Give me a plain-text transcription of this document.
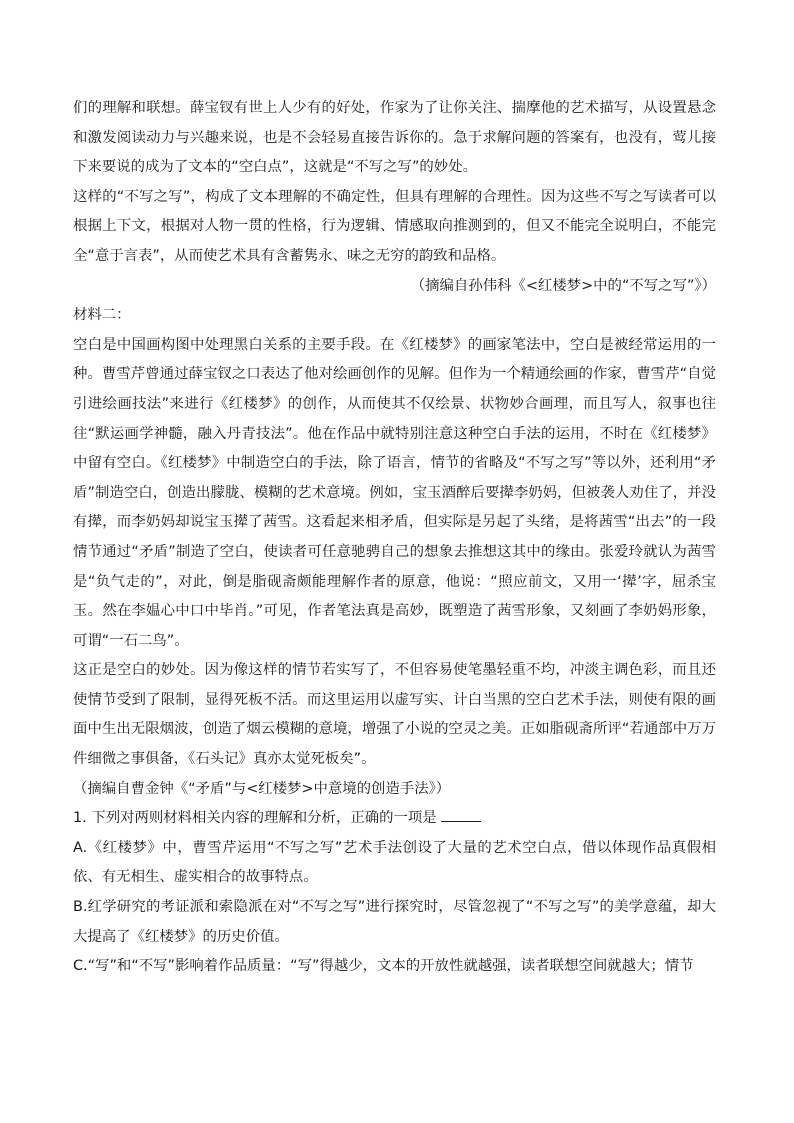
们的理解和联想。薛宝钗有世上人少有的好处，作家为了让你关注、揣摩他的艺术描写，从设置悬念和激发阅读动力与兴趣来说，也是不会轻易直接告诉你的。急于求解问题的答案有，也没有，莺儿接下来要说的成为了文本的“空白点”，这就是“不写之写”的妙处。

这样的“不写之写”，构成了文本理解的不确定性，但具有理解的合理性。因为这些不写之写读者可以根据上下文，根据对人物一贯的性格，行为逻辑、情感取向推测到的，但又不能完全说明白，不能完全“意于言表”，从而使艺术具有含蓄隽永、味之无穷的韵致和品格。

（摘编自孙伟科《<红楼梦>中的“不写之写”》）

材料二：

空白是中国画构图中处理黑白关系的主要手段。在《红楼梦》的画家笔法中，空白是被经常运用的一种。曹雪芹曾通过薛宝钗之口表达了他对绘画创作的见解。但作为一个精通绘画的作家，曹雪芹“自觉引进绘画技法”来进行《红楼梦》的创作，从而使其不仅绘景、状物妙合画理，而且写人，叙事也往往“默运画学神髓，融入丹青技法”。他在作品中就特别注意这种空白手法的运用，不时在《红楼梦》中留有空白。《红楼梦》中制造空白的手法，除了语言，情节的省略及“不写之写”等以外，还利用“矛盾”制造空白，创造出朦胧、模糊的艺术意境。例如，宝玉酒醉后要撵李奶妈，但被袭人劝住了，并没有撵，而李奶妈却说宝玉撵了茜雪。这看起来相矛盾，但实际是另起了头绪，是将茜雪“出去”的一段情节通过“矛盾”制造了空白，使读者可任意驰骋自己的想象去推想这其中的缘由。张爱玲就认为茜雪是“负气走的”，对此，倒是脂砚斋颇能理解作者的原意，他说：“照应前文，又用一‘撵’字，屈杀宝玉。然在李媪心中口中毕肖。”可见，作者笔法真是高妙，既塑造了茜雪形象，又刻画了李奶妈形象，可谓“一石二鸟”。

这正是空白的妙处。因为像这样的情节若实写了，不但容易使笔墨轻重不均，冲淡主调色彩，而且还使情节受到了限制，显得死板不活。而这里运用以虚写实、计白当黑的空白艺术手法，则使有限的画面中生出无限烟波，创造了烟云模糊的意境，增强了小说的空灵之美。正如脂砚斋所评“若通部中万万件细微之事俱备，《石头记》真亦太觉死板矣”。

（摘编自曹金钟《“矛盾”与<红楼梦>中意境的创造手法》）

1. 下列对两则材料相关内容的理解和分析，正确的一项是

A.《红楼梦》中，曹雪芹运用“不写之写”艺术手法创设了大量的艺术空白点，借以体现作品真假相依、有无相生、虚实相合的故事特点。

B.红学研究的考证派和索隐派在对“不写之写”进行探究时，尽管忽视了“不写之写”的美学意蕴，却大大提高了《红楼梦》的历史价值。

C.“写”和“不写”影响着作品质量：“写”得越少，文本的开放性就越强，读者联想空间就越大；情节
